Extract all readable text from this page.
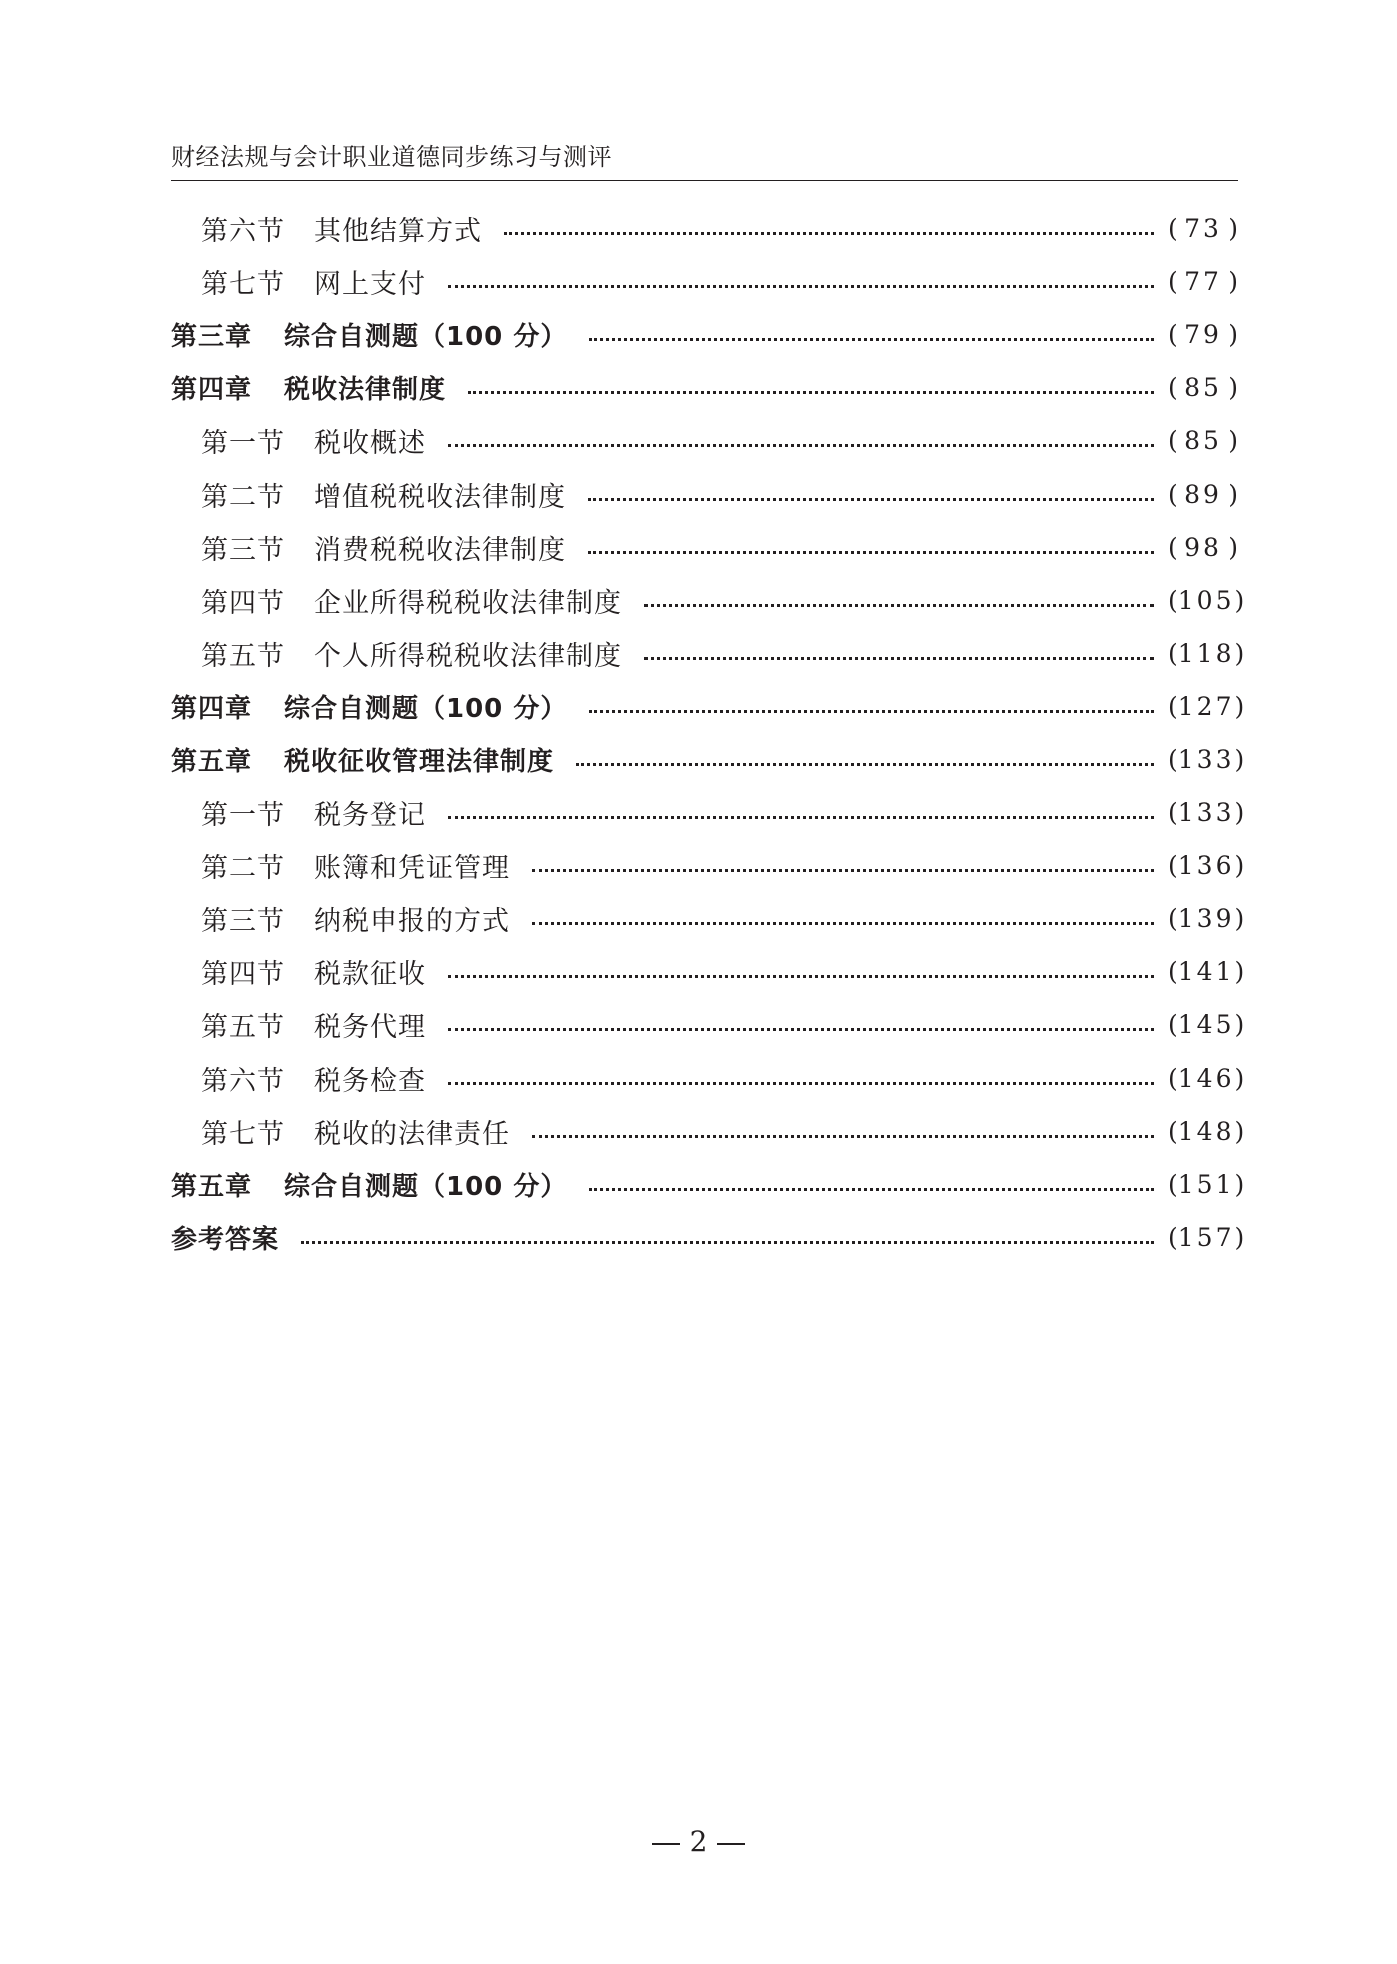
财经法规与会计职业道德同步练习与测评
第六节	其他结算方式	( 73 )
第七节	网上支付	( 77 )
第三章	综合自测题（100 分）	( 79 )
第四章	税收法律制度	( 85 )
第一节	税收概述	( 85 )
第二节	增值税税收法律制度	( 89 )
第三节	消费税税收法律制度	( 98 )
第四节	企业所得税税收法律制度	( 105 )
第五节	个人所得税税收法律制度	( 118 )
第四章	综合自测题（100 分）	( 127 )
第五章	税收征收管理法律制度	( 133 )
第一节	税务登记	( 133 )
第二节	账簿和凭证管理	( 136 )
第三节	纳税申报的方式	( 139 )
第四节	税款征收	( 141 )
第五节	税务代理	( 145 )
第六节	税务检查	( 146 )
第七节	税收的法律责任	( 148 )
第五章	综合自测题（100 分）	( 151 )
参考答案	( 157 )
2
